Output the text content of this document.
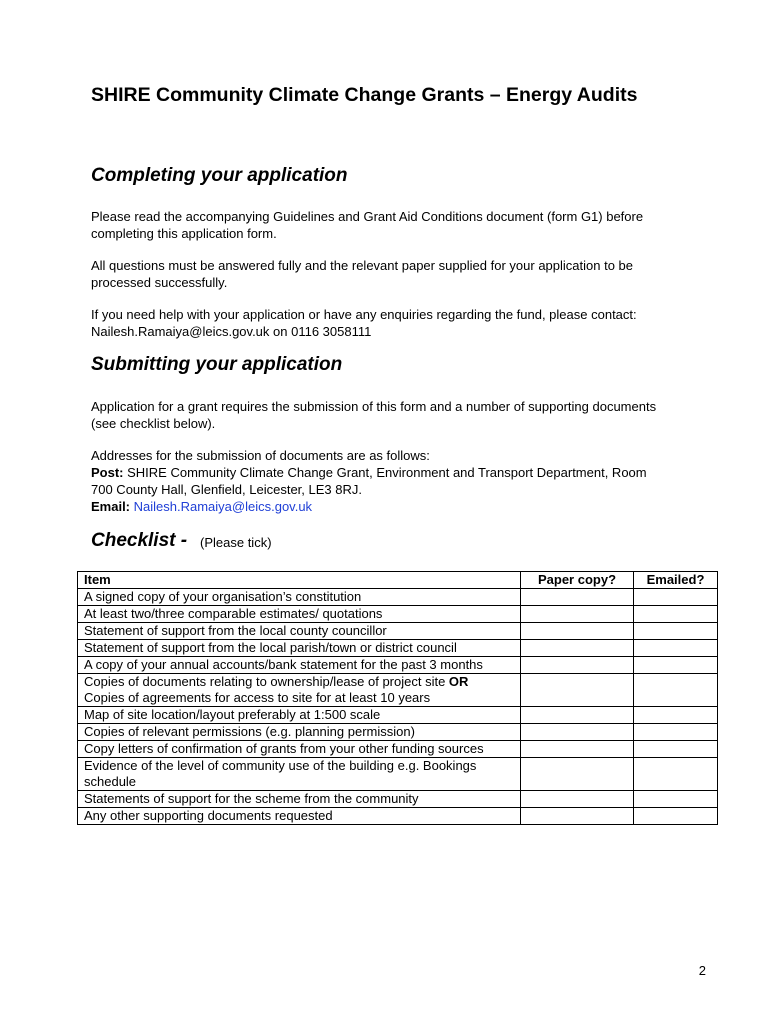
SHIRE Community Climate Change Grants – Energy Audits
Completing your application
Please read the accompanying Guidelines and Grant Aid Conditions document (form G1) before
completing this application form.
All questions must be answered fully and the relevant paper supplied for your application to be
processed successfully.
If you need help with your application or have any enquiries regarding the fund, please contact:
Nailesh.Ramaiya@leics.gov.uk on 0116 3058111
Submitting your application
Application for a grant requires the submission of this form and a number of supporting documents
(see checklist below).
Addresses for the submission of documents are as follows:
Post: SHIRE Community Climate Change Grant, Environment and Transport Department, Room
700 County Hall, Glenfield, Leicester, LE3 8RJ.
Email: Nailesh.Ramaiya@leics.gov.uk
Checklist - (Please tick)
Item	Paper copy?	Emailed?

A signed copy of your organisation’s constitution		

At least two/three comparable estimates/ quotations		

Statement of support from the local county councillor		

Statement of support from the local parish/town or district council		

A copy of your annual accounts/bank statement for the past 3 months		

Copies of documents relating to ownership/lease of project site OR
Copies of agreements for access to site for at least 10 years		

Map of site location/layout preferably at 1:500 scale		

Copies of relevant permissions (e.g. planning permission)		

Copy letters of confirmation of grants from your other funding sources		

Evidence of the level of community use of the building e.g. Bookings
schedule		

Statements of support for the scheme from the community		

Any other supporting documents requested		

2
